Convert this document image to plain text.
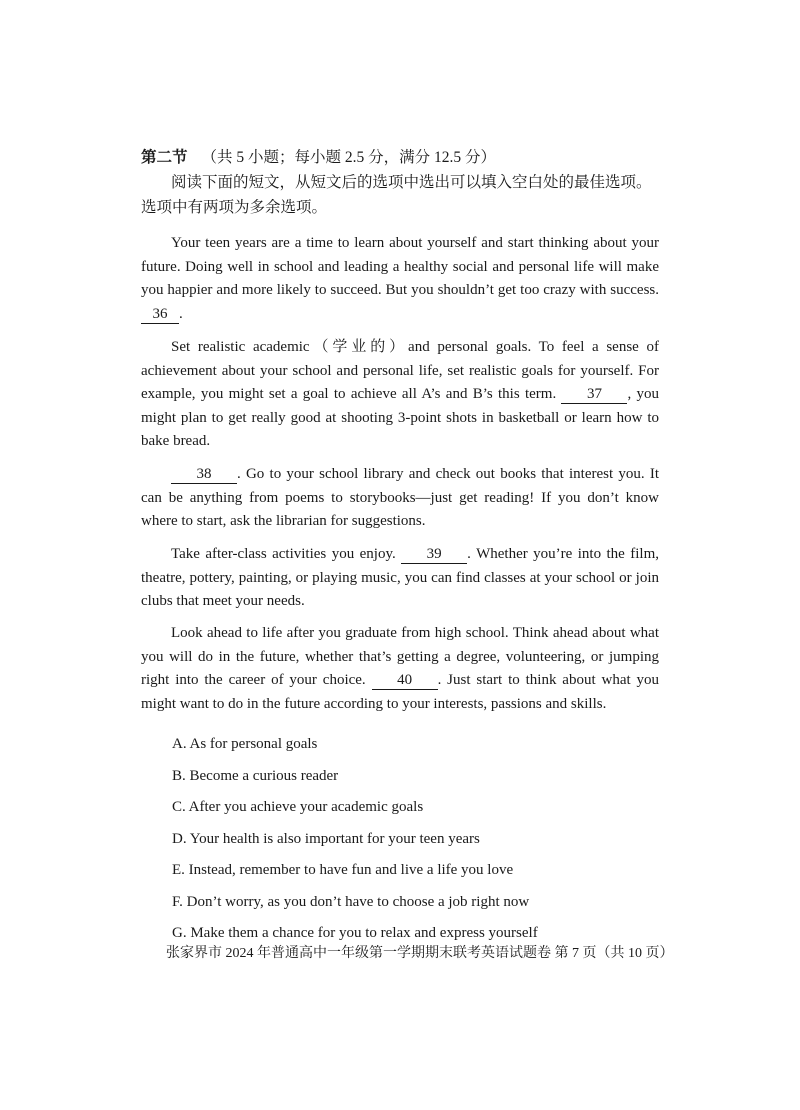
第二节 （共 5 小题；每小题 2.5 分，满分 12.5 分）
阅读下面的短文，从短文后的选项中选出可以填入空白处的最佳选项。选项中有两项为多余选项。

Your teen years are a time to learn about yourself and start thinking about your future. Doing well in school and leading a healthy social and personal life will make you happier and more likely to succeed. But you shouldn’t get too crazy with success. 36 .

Set realistic academic（学业的）and personal goals. To feel a sense of achievement about your school and personal life, set realistic goals for yourself. For example, you might set a goal to achieve all A’s and B’s this term. 37 , you might plan to get really good at shooting 3-point shots in basketball or learn how to bake bread.

38 . Go to your school library and check out books that interest you. It can be anything from poems to storybooks—just get reading! If you don’t know where to start, ask the librarian for suggestions.

Take after-class activities you enjoy. 39 . Whether you’re into the film, theatre, pottery, painting, or playing music, you can find classes at your school or join clubs that meet your needs.

Look ahead to life after you graduate from high school. Think ahead about what you will do in the future, whether that’s getting a degree, volunteering, or jumping right into the career of your choice. 40 . Just start to think about what you might want to do in the future according to your interests, passions and skills.

A. As for personal goals
B. Become a curious reader
C. After you achieve your academic goals
D. Your health is also important for your teen years
E. Instead, remember to have fun and live a life you love
F. Don’t worry, as you don’t have to choose a job right now
G. Make them a chance for you to relax and express yourself
张家界市 2024 年普通高中一年级第一学期期末联考英语试题卷 第 7 页（共 10 页）
